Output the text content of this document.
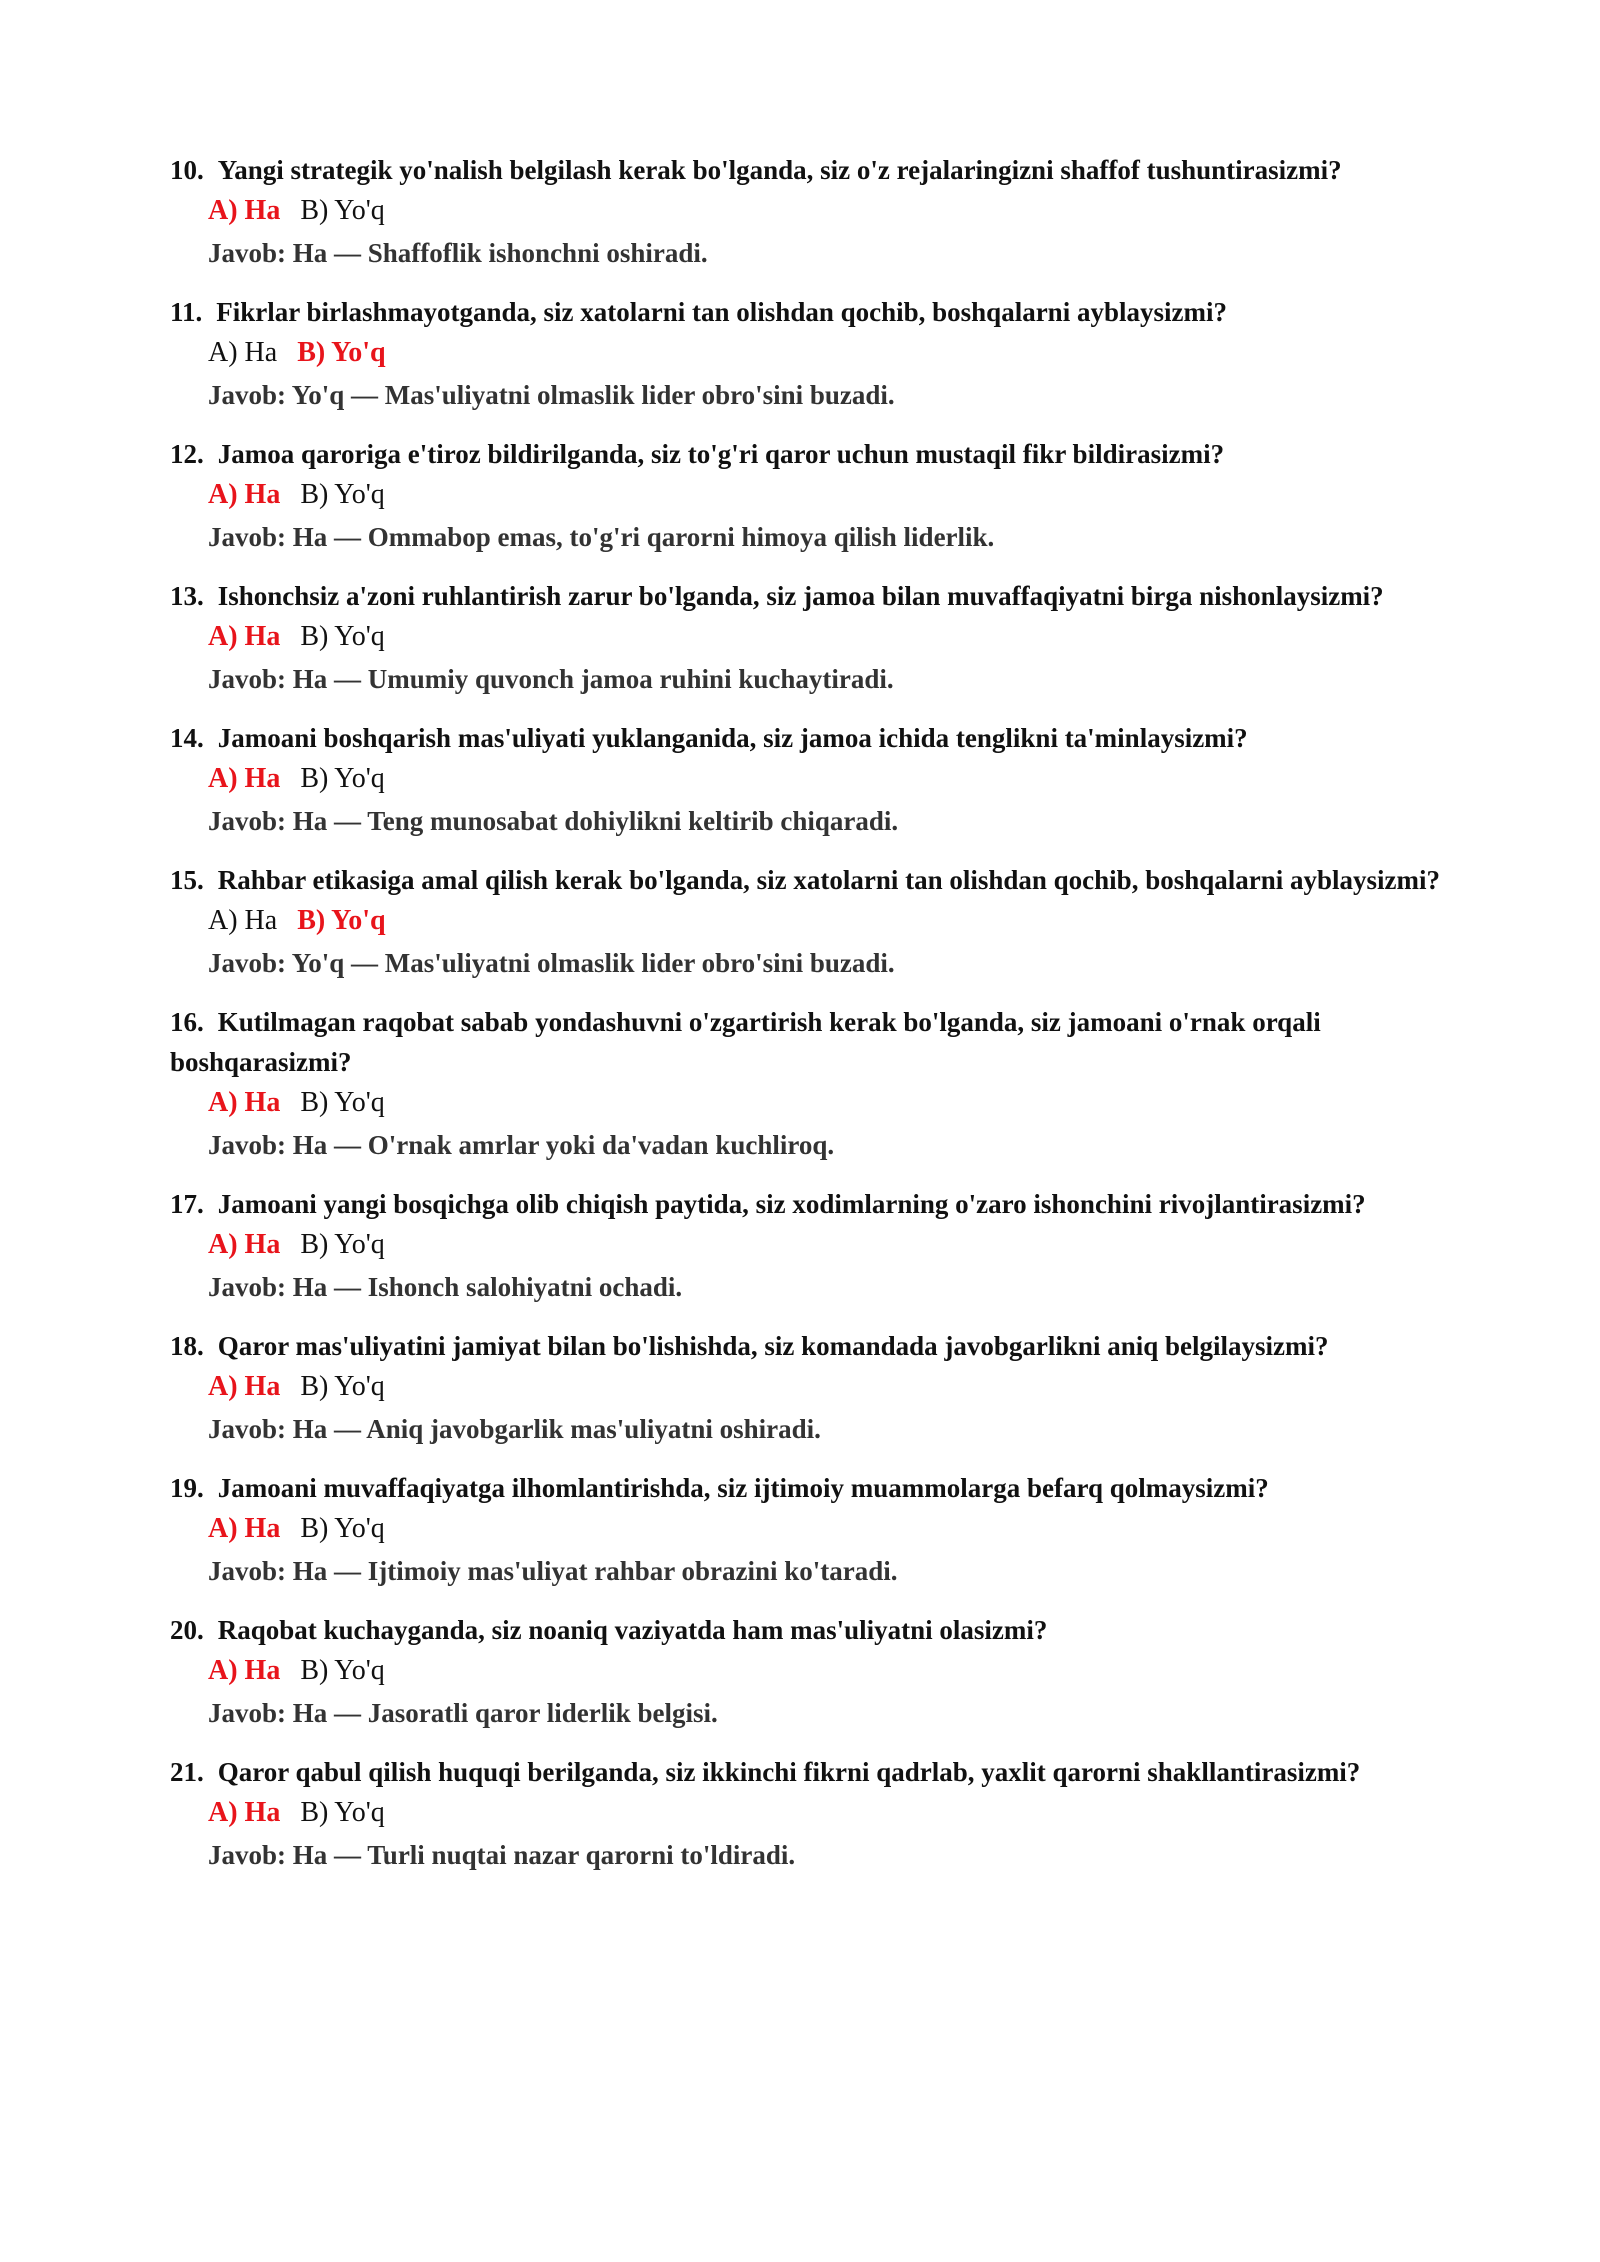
10. Yangi strategik yo'nalish belgilash kerak bo'lganda, siz o'z rejalaringizni shaffof tushuntirasizmi?
A) Ha B) Yo'q
Javob: Ha — Shaffoflik ishonchni oshiradi.
11. Fikrlar birlashmayotganda, siz xatolarni tan olishdan qochib, boshqalarni ayblaysizmi?
A) Ha B) Yo'q
Javob: Yo'q — Mas'uliyatni olmaslik lider obro'sini buzadi.
12. Jamoa qaroriga e'tiroz bildirilganda, siz to'g'ri qaror uchun mustaqil fikr bildirasizmi?
A) Ha B) Yo'q
Javob: Ha — Ommabop emas, to'g'ri qarorni himoya qilish liderlik.
13. Ishonchsiz a'zoni ruhlantirish zarur bo'lganda, siz jamoa bilan muvaffaqiyatni birga nishonlaysizmi?
A) Ha B) Yo'q
Javob: Ha — Umumiy quvonch jamoa ruhini kuchaytiradi.
14. Jamoani boshqarish mas'uliyati yuklanganida, siz jamoa ichida tenglikni ta'minlaysizmi?
A) Ha B) Yo'q
Javob: Ha — Teng munosabat dohiylikni keltirib chiqaradi.
15. Rahbar etikasiga amal qilish kerak bo'lganda, siz xatolarni tan olishdan qochib, boshqalarni ayblaysizmi?
A) Ha B) Yo'q
Javob: Yo'q — Mas'uliyatni olmaslik lider obro'sini buzadi.
16. Kutilmagan raqobat sabab yondashuvni o'zgartirish kerak bo'lganda, siz jamoani o'rnak orqali boshqarasizmi?
A) Ha B) Yo'q
Javob: Ha — O'rnak amrlar yoki da'vadan kuchliroq.
17. Jamoani yangi bosqichga olib chiqish paytida, siz xodimlarning o'zaro ishonchini rivojlantirasizmi?
A) Ha B) Yo'q
Javob: Ha — Ishonch salohiyatni ochadi.
18. Qaror mas'uliyatini jamiyat bilan bo'lishishda, siz komandada javobgarlikni aniq belgilaysizmi?
A) Ha B) Yo'q
Javob: Ha — Aniq javobgarlik mas'uliyatni oshiradi.
19. Jamoani muvaffaqiyatga ilhomlantirishda, siz ijtimoiy muammolarga befarq qolmaysizmi?
A) Ha B) Yo'q
Javob: Ha — Ijtimoiy mas'uliyat rahbar obrazini ko'taradi.
20. Raqobat kuchayganda, siz noaniq vaziyatda ham mas'uliyatni olasizmi?
A) Ha B) Yo'q
Javob: Ha — Jasoratli qaror liderlik belgisi.
21. Qaror qabul qilish huquqi berilganda, siz ikkinchi fikrni qadrlab, yaxlit qarorni shakllantirasizmi?
A) Ha B) Yo'q
Javob: Ha — Turli nuqtai nazar qarorni to'ldiradi.
